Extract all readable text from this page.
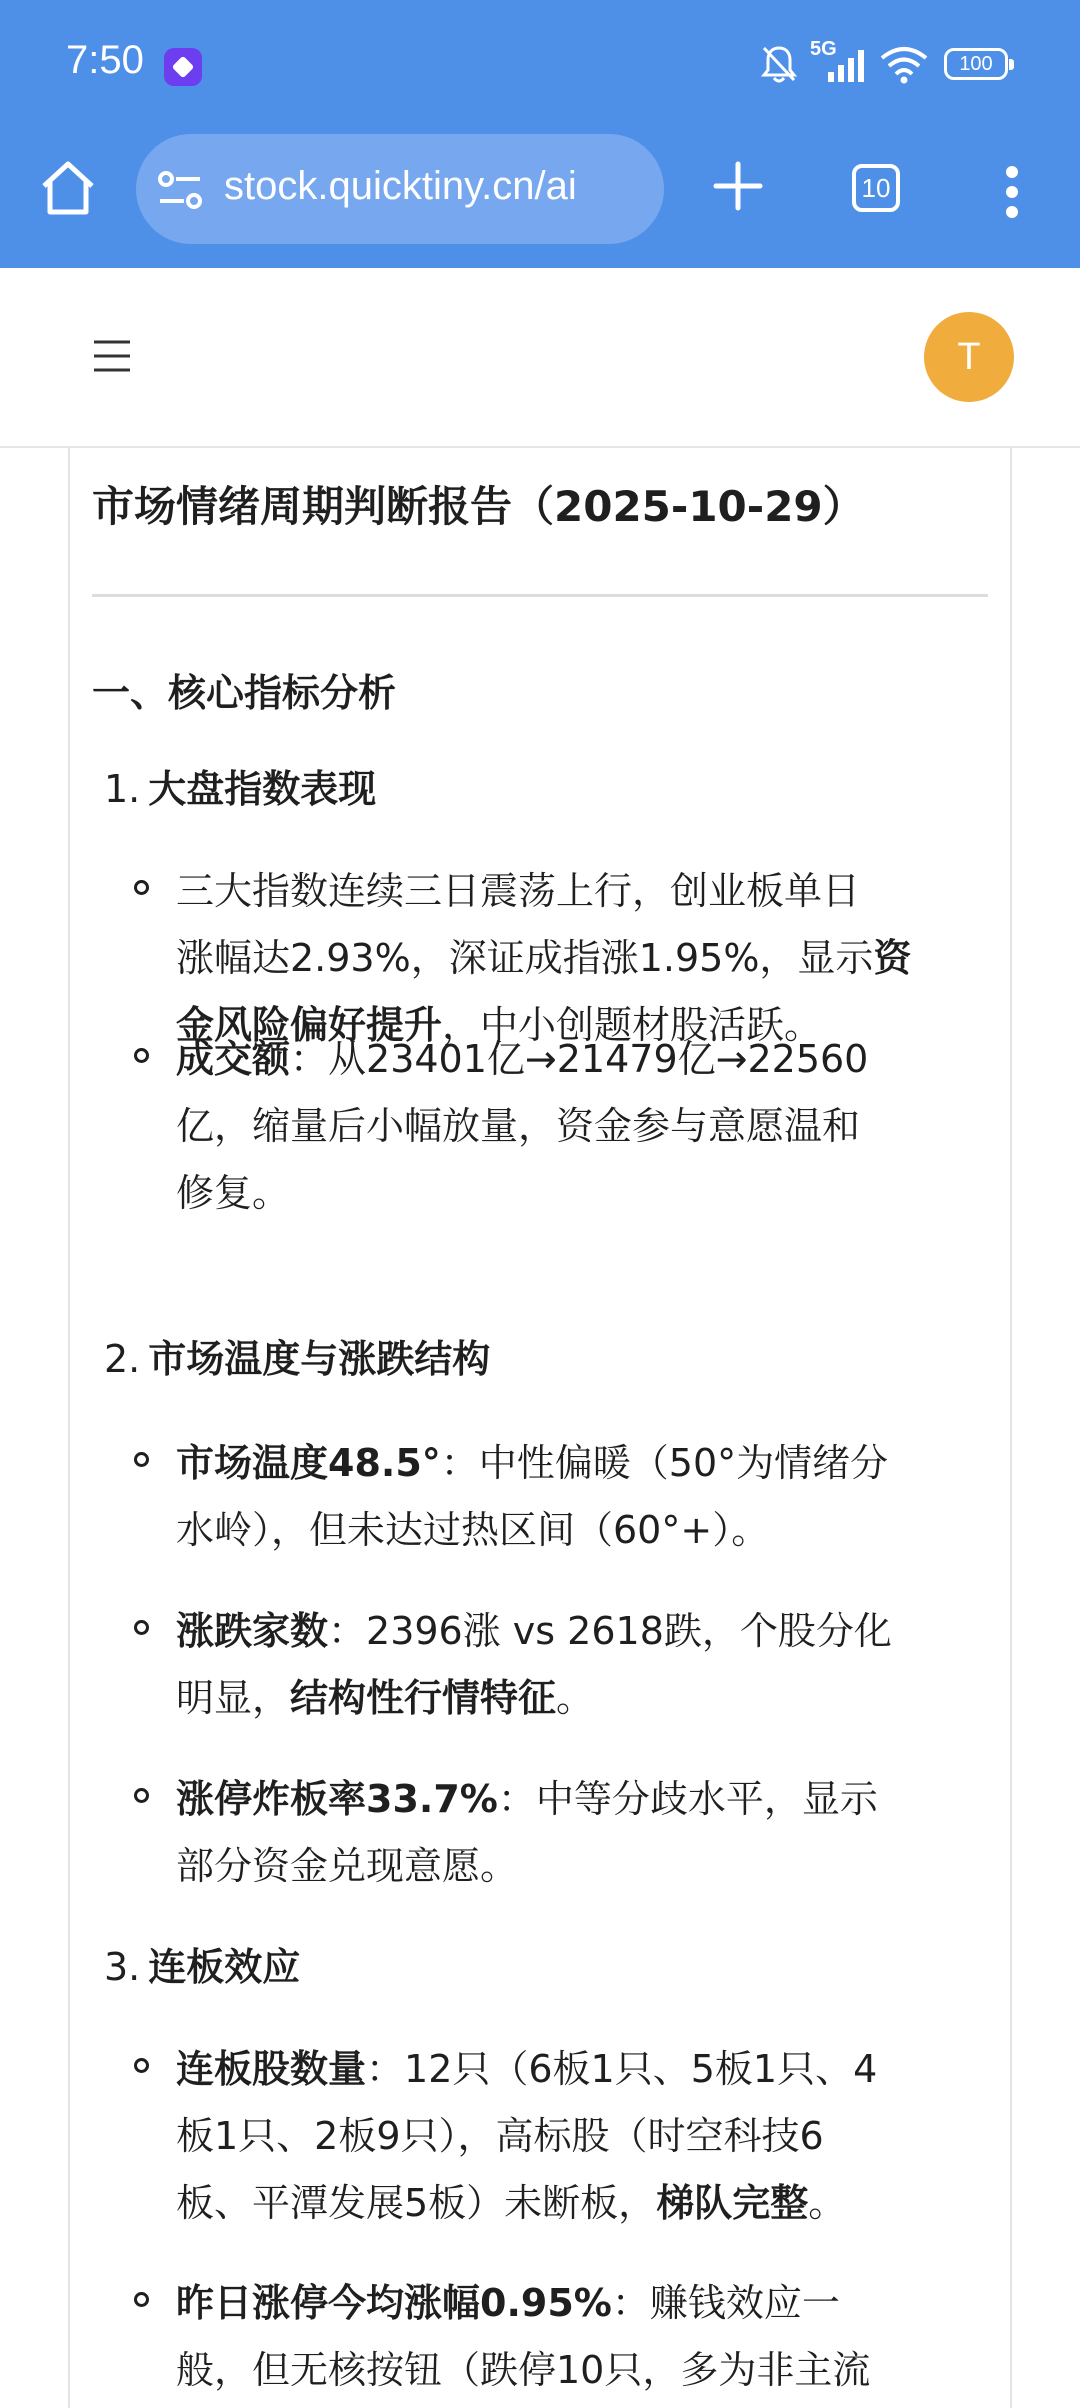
7:50	5G
100
stock.quicktiny.cn/ai	10
T
市场情绪周期判断报告（2025-10-29）
一、核心指标分析
1. 大盘指数表现
三大指数连续三日震荡上行，创业板单日
涨幅达2.93%，深证成指涨1.95%，显示资
金风险偏好提升，中小创题材股活跃。
成交额：从23401亿→21479亿→22560
亿，缩量后小幅放量，资金参与意愿温和
修复。
2. 市场温度与涨跌结构
市场温度48.5°：中性偏暖（50°为情绪分
水岭），但未达过热区间（60°+）。
涨跌家数：2396涨 vs 2618跌，个股分化
明显，结构性行情特征。
涨停炸板率33.7%：中等分歧水平，显示
部分资金兑现意愿。
3. 连板效应
连板股数量：12只（6板1只、5板1只、4
板1只、2板9只），高标股（时空科技6
板、平潭发展5板）未断板，梯队完整。
昨日涨停今均涨幅0.95%：赚钱效应一
般，但无核按钮（跌停10只，多为非主流
